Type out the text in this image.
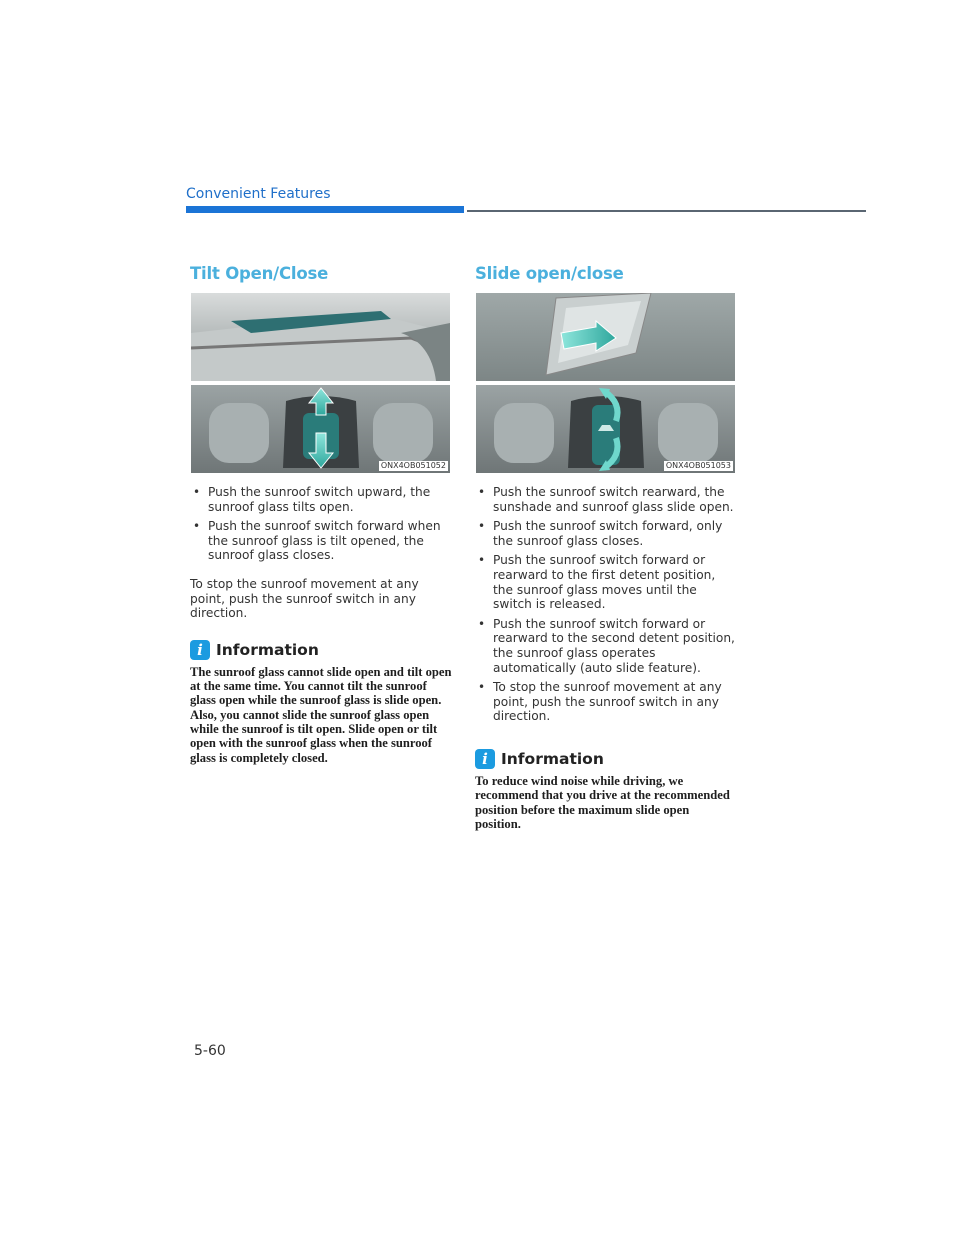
Convenient Features
Tilt Open/Close
ONX4OB051052
• Push the sunroof switch upward, the sunroof glass tilts open.
• Push the sunroof switch forward when the sunroof glass is tilt opened, the sunroof glass closes.

To stop the sunroof movement at any point, push the sunroof switch in any direction.

i Information

The sunroof glass cannot slide open and tilt open at the same time. You cannot tilt the sunroof glass open while the sunroof glass is slide open. Also, you cannot slide the sunroof glass open while the sunroof is tilt open. Slide open or tilt open with the sunroof glass when the sunroof glass is completely closed.

Slide open/close
ONX4OB051053
• Push the sunroof switch rearward, the sunshade and sunroof glass slide open.
• Push the sunroof switch forward, only the sunroof glass closes.
• Push the sunroof switch forward or rearward to the first detent position, the sunroof glass moves until the switch is released.
• Push the sunroof switch forward or rearward to the second detent position, the sunroof glass operates automatically (auto slide feature).
• To stop the sunroof movement at any point, push the sunroof switch in any direction.
i Information

To reduce wind noise while driving, we recommend that you drive at the recommended position before the maximum slide open position.

5-60
